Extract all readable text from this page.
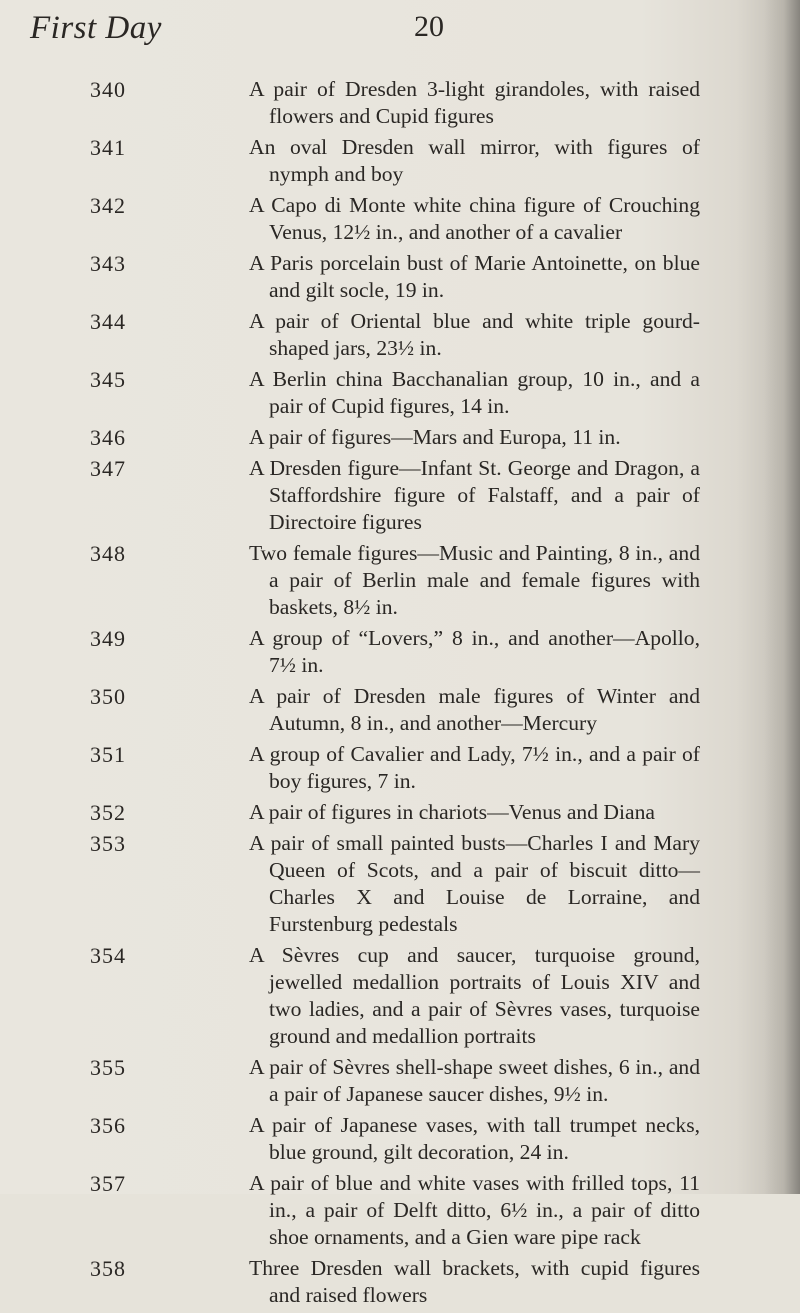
First Day	20
340	A pair of Dresden 3-light girandoles, with raised flowers and Cupid figures
341	An oval Dresden wall mirror, with figures of nymph and boy
342	A Capo di Monte white china figure of Crouching Venus, 12½ in., and another of a cavalier
343	A Paris porcelain bust of Marie Antoinette, on blue and gilt socle, 19 in.
344	A pair of Oriental blue and white triple gourd-shaped jars, 23½ in.
345	A Berlin china Bacchanalian group, 10 in., and a pair of Cupid figures, 14 in.
346	A pair of figures—Mars and Europa, 11 in.
347	A Dresden figure—Infant St. George and Dragon, a Staffordshire figure of Falstaff, and a pair of Directoire figures
348	Two female figures—Music and Painting, 8 in., and a pair of Berlin male and female figures with baskets, 8½ in.
349	A group of “Lovers,” 8 in., and another—Apollo, 7½ in.
350	A pair of Dresden male figures of Winter and Autumn, 8 in., and another—Mercury
351	A group of Cavalier and Lady, 7½ in., and a pair of boy figures, 7 in.
352	A pair of figures in chariots—Venus and Diana
353	A pair of small painted busts—Charles I and Mary Queen of Scots, and a pair of biscuit ditto—Charles X and Louise de Lorraine, and Furstenburg pedestals
354	A Sèvres cup and saucer, turquoise ground, jewelled medallion portraits of Louis XIV and two ladies, and a pair of Sèvres vases, turquoise ground and medallion portraits
355	A pair of Sèvres shell-shape sweet dishes, 6 in., and a pair of Japanese saucer dishes, 9½ in.
356	A pair of Japanese vases, with tall trumpet necks, blue ground, gilt decoration, 24 in.
357	A pair of blue and white vases with frilled tops, 11 in., a pair of Delft ditto, 6½ in., a pair of ditto shoe ornaments, and a Gien ware pipe rack
358	Three Dresden wall brackets, with cupid figures and raised flowers
